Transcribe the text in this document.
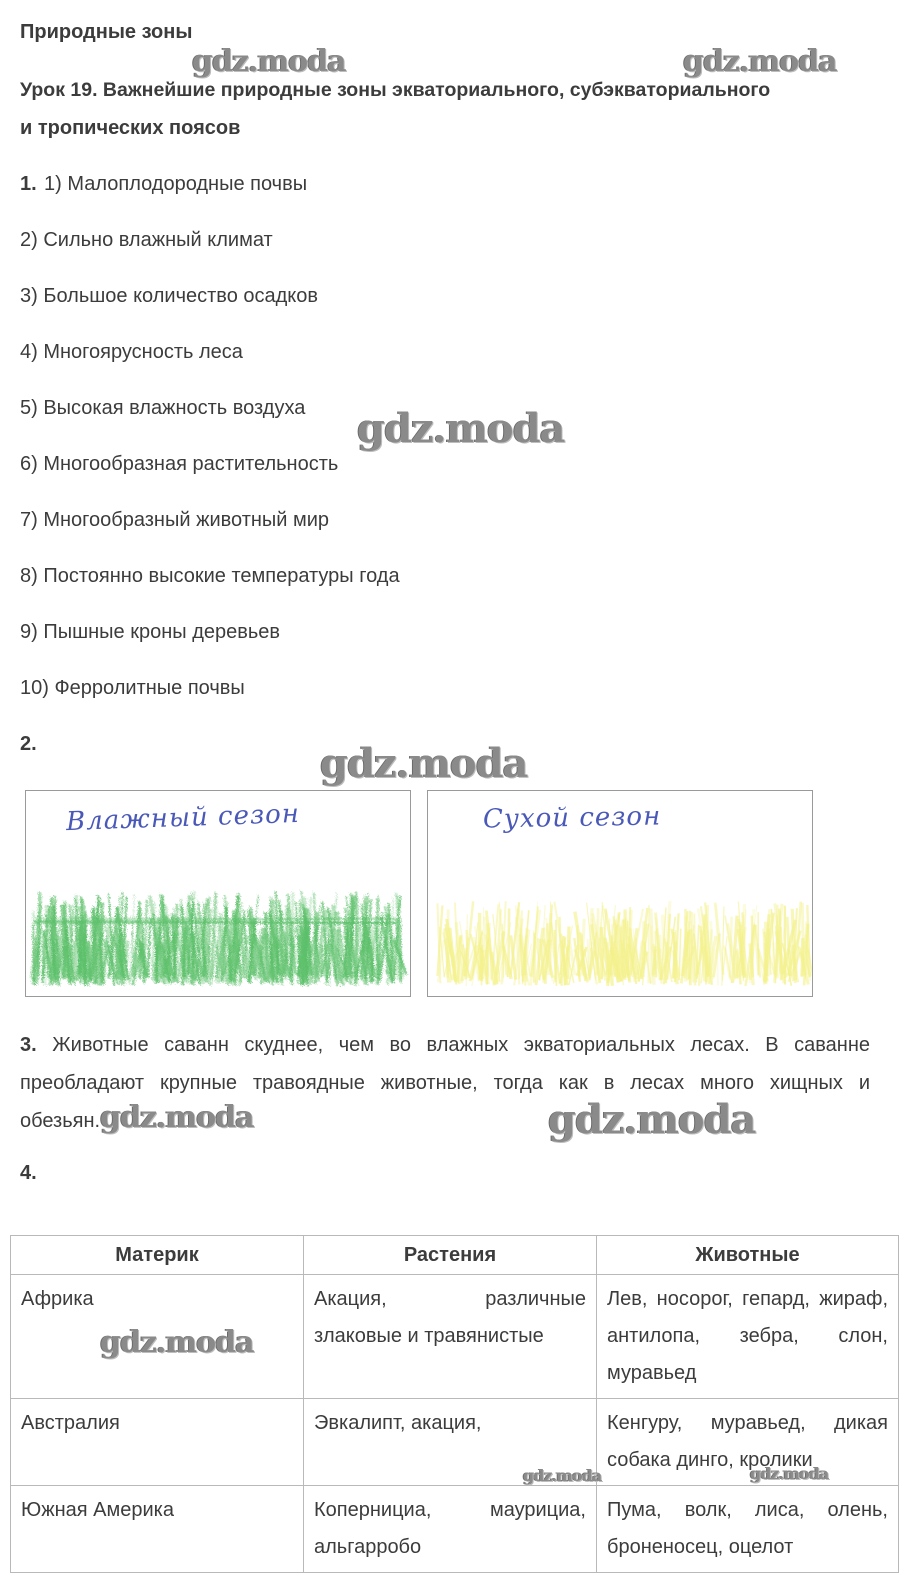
Природные зоны
Урок 19. Важнейшие природные зоны экваториального, субэкваториального
и тропических поясов
1. 1) Малоплодородные почвы
2) Сильно влажный климат
3) Большое количество осадков
4) Многоярусность леса
5) Высокая влажность воздуха
6) Многообразная растительность
7) Многообразный животный мир
8) Постоянно высокие температуры года
9) Пышные кроны деревьев
10) Ферролитные почвы
2.
Влажный сезон	Сухой сезон
3. Животные саванн скуднее, чем во влажных экваториальных лесах. В саванне
преобладают крупные травоядные животные, тогда как в лесах много хищных и
обезьян.
4.
Материк	Растения	Животные
Африка	Акация, различные злаковые и травянистые	Лев, носорог, гепард, жираф, антилопа, зебра, слон, муравьед
Австралия	Эвкалипт, акация,	Кенгуру, муравьед, дикая собака динго, кролики
Южная Америка	Копернициа, маурициа, альгарробо	Пума, волк, лиса, олень, броненосец, оцелот
gdz.moda	gdz.moda
gdz.moda
gdz.moda
gdz.moda	gdz.moda
gdz.moda
gdz.moda	gdz.moda
